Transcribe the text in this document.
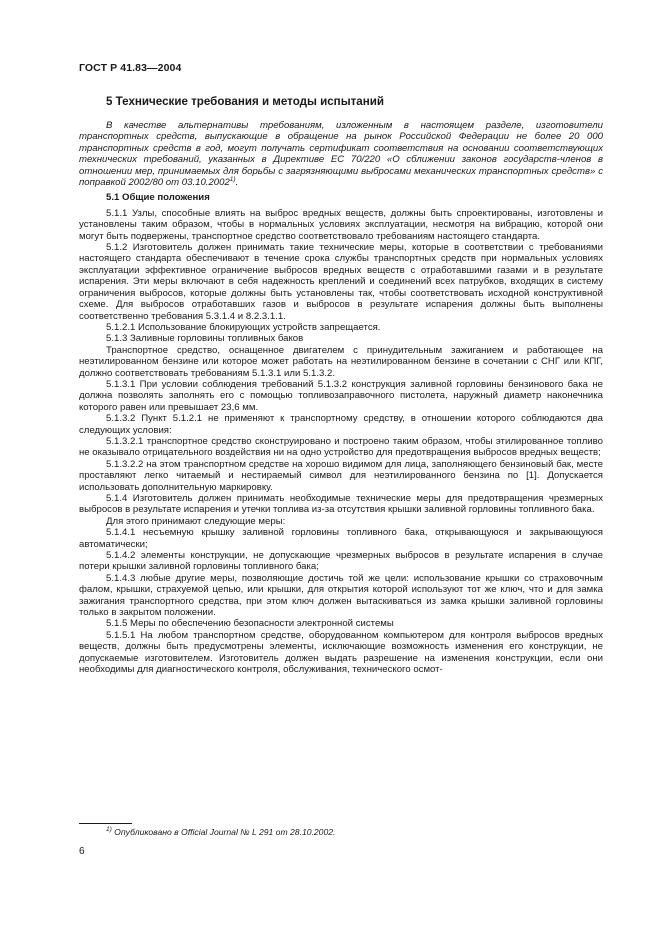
ГОСТ Р 41.83—2004
5 Технические требования и методы испытаний

В качестве альтернативы требованиям, изложенным в настоящем разделе, изготовители транспортных средств, выпускающие в обращение на рынок Российской Федерации не более 20 000 транспортных средств в год, могут получать сертификат соответствия на основании соответствующих технических требований, указанных в Директиве ЕС 70/220 «О сближении законов государств-членов в отношении мер, принимаемых для борьбы с загрязняющими выбросами механических транспортных средств» с поправкой 2002/80 от 03.10.2002$^{1)}$.

5.1 Общие положения

5.1.1 Узлы, способные влиять на выброс вредных веществ, должны быть спроектированы, изготовлены и установлены таким образом, чтобы в нормальных условиях эксплуатации, несмотря на вибрацию, которой они могут быть подвержены, транспортное средство соответствовало требованиям настоящего стандарта.

5.1.2 Изготовитель должен принимать такие технические меры, которые в соответствии с требованиями настоящего стандарта обеспечивают в течение срока службы транспортных средств при нормальных условиях эксплуатации эффективное ограничение выбросов вредных веществ с отработавшими газами и в результате испарения. Эти меры включают в себя надежность креплений и соединений всех патрубков, входящих в систему ограничения выбросов, которые должны быть установлены так, чтобы соответствовать исходной конструктивной схеме. Для выбросов отработавших газов и выбросов в результате испарения должны быть выполнены соответственно требования 5.3.1.4 и 8.2.3.1.1.

5.1.2.1 Использование блокирующих устройств запрещается.

5.1.3 Заливные горловины топливных баков

Транспортное средство, оснащенное двигателем с принудительным зажиганием и работающее на неэтилированном бензине или которое может работать на неэтилированном бензине в сочетании с СНГ или КПГ, должно соответствовать требованиям 5.1.3.1 или 5.1.3.2.

5.1.3.1 При условии соблюдения требований 5.1.3.2 конструкция заливной горловины бензинового бака не должна позволять заполнять его с помощью топливозаправочного пистолета, наружный диаметр наконечника которого равен или превышает 23,6 мм.

5.1.3.2 Пункт 5.1.2.1 не применяют к транспортному средству, в отношении которого соблюдаются два следующих условия:

5.1.3.2.1 транспортное средство сконструировано и построено таким образом, чтобы этилированное топливо не оказывало отрицательного воздействия ни на одно устройство для предотвращения выбросов вредных веществ;

5.1.3.2.2 на этом транспортном средстве на хорошо видимом для лица, заполняющего бензиновый бак, месте проставляют легко читаемый и нестираемый символ для неэтилированного бензина по [1]. Допускается использовать дополнительную маркировку.

5.1.4 Изготовитель должен принимать необходимые технические меры для предотвращения чрезмерных выбросов в результате испарения и утечки топлива из-за отсутствия крышки заливной горловины топливного бака.

Для этого принимают следующие меры:

5.1.4.1 несъемную крышку заливной горловины топливного бака, открывающуюся и закрывающуюся автоматически;

5.1.4.2 элементы конструкции, не допускающие чрезмерных выбросов в результате испарения в случае потери крышки заливной горловины топливного бака;

5.1.4.3 любые другие меры, позволяющие достичь той же цели: использование крышки со страховочным фалом, крышки, страхуемой цепью, или крышки, для открытия которой используют тот же ключ, что и для замка зажигания транспортного средства, при этом ключ должен вытаскиваться из замка крышки заливной горловины только в закрытом положении.

5.1.5 Меры по обеспечению безопасности электронной системы

5.1.5.1 На любом транспортном средстве, оборудованном компьютером для контроля выбросов вредных веществ, должны быть предусмотрены элементы, исключающие возможность изменения его конструкции, не допускаемые изготовителем. Изготовитель должен выдать разрешение на изменения конструкции, если они необходимы для диагностического контроля, обслуживания, технического осмот-

$^{1)}$ Опубликовано в Official Journal № L 291 от 28.10.2002.
6
